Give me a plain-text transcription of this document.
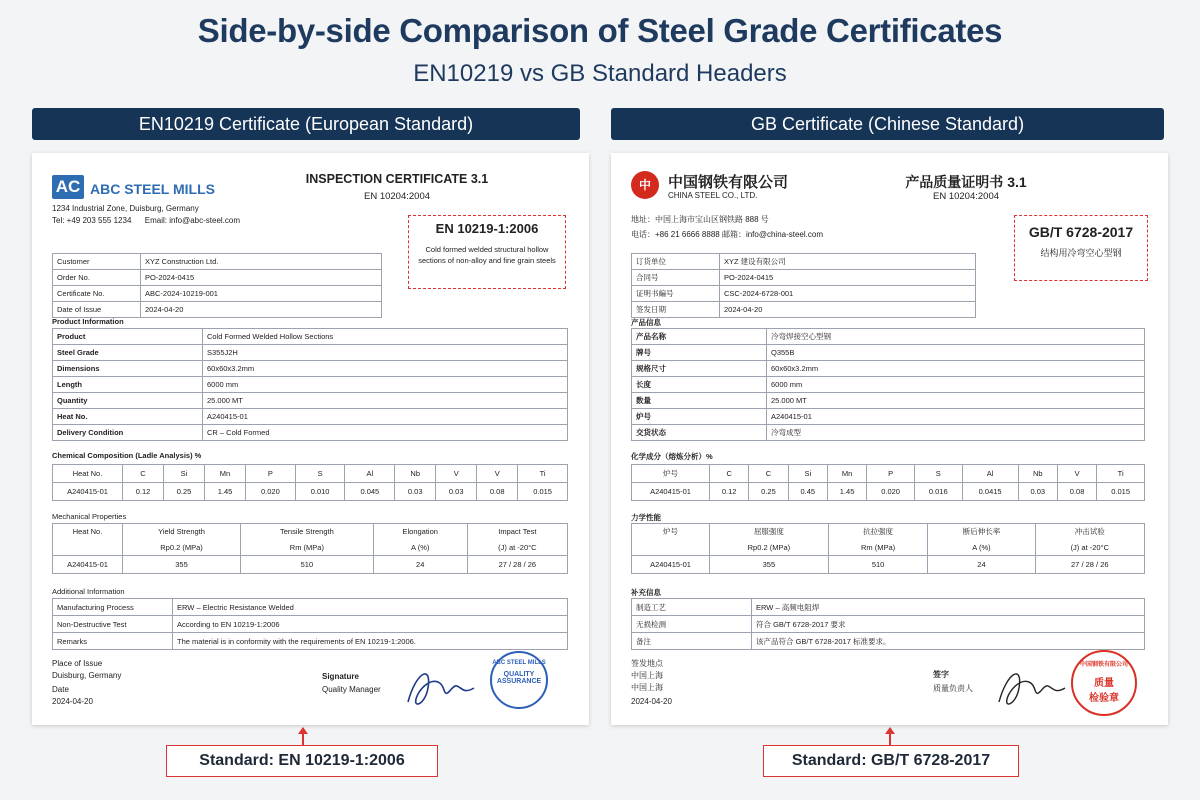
Side-by-side Comparison of Steel Grade Certificates
EN10219 vs GB Standard Headers
EN10219 Certificate (European Standard)	GB Certificate (Chinese Standard)
AC ABC STEEL MILLS
1234 Industrial Zone, Duisburg, Germany
Tel: +49 203 555 1234      Email: info@abc-steel.com
INSPECTION CERTIFICATE 3.1
EN 10204:2004
EN 10219-1:2006
Cold formed welded structural hollow sections of non-alloy and fine grain steels
Customer	XYZ Construction Ltd.
Order No.	PO-2024-0415
Certificate No.	ABC-2024-10219-001
Date of Issue	2024-04-20
Product Information
Product	Cold Formed Welded Hollow Sections
Steel Grade	S355J2H
Dimensions	60x60x3.2mm
Length	6000 mm
Quantity	25.000 MT
Heat No.	A240415-01
Delivery Condition	CR – Cold Formed
Chemical Composition (Ladle Analysis) %
Heat No.	C	Si	Mn	P	S	Al	Nb	V	V	Ti
A240415-01	0.12	0.25	1.45	0.020	0.010	0.045	0.03	0.03	0.08	0.015
Mechanical Properties
Heat No.	Yield Strength	Tensile Strength	Elongation	Impact Test
	Rp0.2 (MPa)	Rm (MPa)	A (%)	(J) at -20°C
A240415-01	355	510	24	27 / 28 / 26
Additional Information
Manufacturing Process	ERW – Electric Resistance Welded
Non-Destructive Test	According to EN 10219-1:2006
Remarks	The material is in conformity with the requirements of EN 10219-1:2006.
Place of Issue
Duisburg, Germany
Date
2024-04-20
Signature
Quality Manager
ABC STEEL MILLS
QUALITY
ASSURANCE
中	中国钢铁有限公司
CHINA STEEL CO., LTD.
地址：中国上海市宝山区钢铁路 888 号
电话：+86 21 6666 8888 邮箱：info@china-steel.com
产品质量证明书 3.1
EN 10204:2004
GB/T 6728-2017
结构用冷弯空心型钢
订货单位	XYZ 建设有限公司
合同号	PO-2024-0415
证明书編号	CSC-2024-6728-001
签发日期	2024-04-20
产品信息
产品名称	冷弯焊接空心型钢
牌号	Q355B
规格尺寸	60x60x3.2mm
长度	6000 mm
数量	25.000 MT
炉号	A240415-01
交货状态	冷弯成型
化学成分（熔炼分析）%
炉号	C	C	Si	Mn	P	S	Al	Nb	V	Ti
A240415-01	0.12	0.25	0.45	1.45	0.020	0.016	0.0415	0.03	0.08	0.015
力学性能
炉号	屈服强度	抗拉强度	断后伸长率	冲击试验
	Rp0.2 (MPa)	Rm (MPa)	A (%)	(J) at -20°C
A240415-01	355	510	24	27 / 28 / 26
补充信息
制造工艺	ERW – 高频电阻焊
无损检测	符合 GB/T 6728-2017 要求
备注	该产品符合 GB/T 6728-2017 标准要求。
签发地点
中国上海
中国上海
2024-04-20
签字
质量负责人
中国钢铁有限公司
质量
检验章
Standard: EN 10219-1:2006	Standard: GB/T 6728-2017
